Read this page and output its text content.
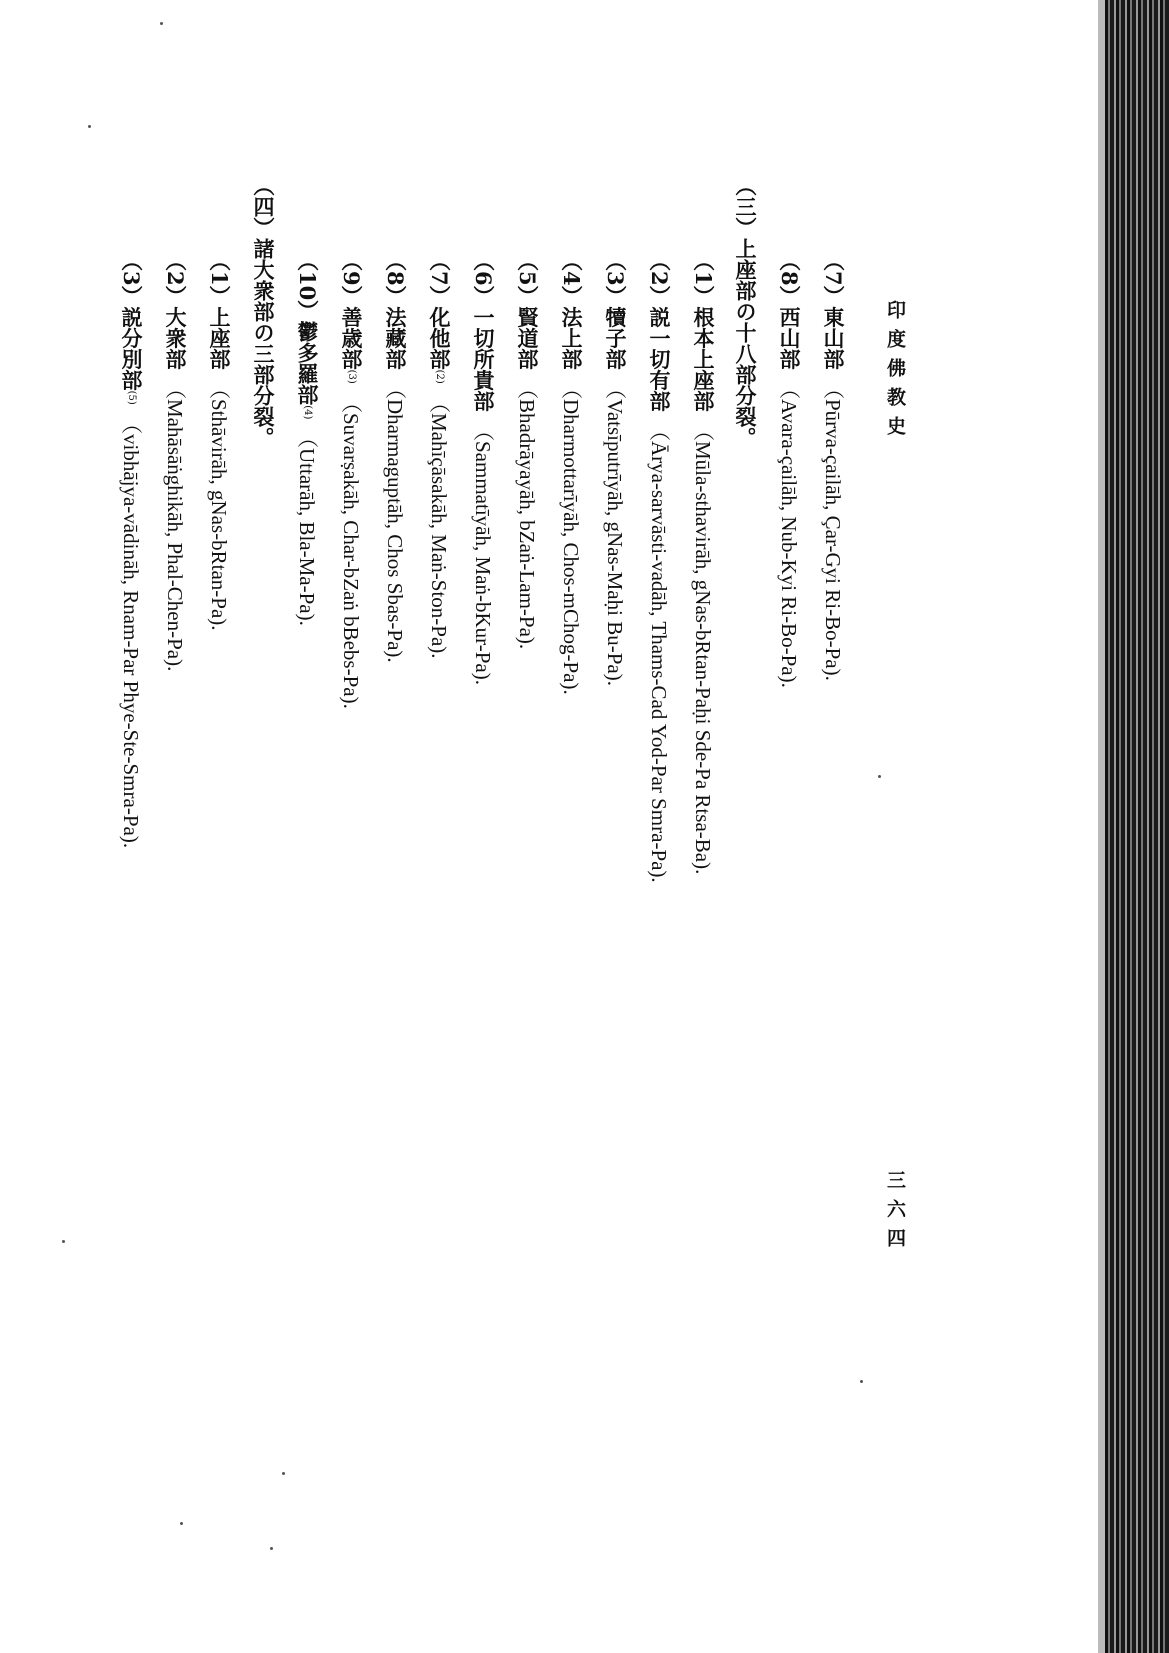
印度佛教史
三六四
（7）東山部（Pūrva-çailāh, Çar-Gyi Ri-Bo-Pa).
（8）西山部（Avara-çailāh, Nub-Kyi Ri-Bo-Pa).
（三）上座部の十八部分裂。
（1）根本上座部（Mūla-sthavirāh, gNas-bRtan-Paḥi Sde-Pa Rtsa-Ba).
（2）説一切有部（Ārya-sarvāsti-vadāh, Thams-Cad Yod-Par Smra-Pa).
（3）犢子部（Vatsīputrīyāh, gNas-Maḥi Bu-Pa).
（4）法上部（Dharmottarīyāh, Chos-mChog-Pa).
（5）賢道部（Bhadrāyayāh, bZaṅ-Lam-Pa).
（6）一切所貴部（Sammatīyāh, Maṅ-bKur-Pa).
（7）化他部(2)（Mahīçāsakāh, Maṅ-Ston-Pa).
（8）法藏部（Dharmaguptāh, Chos Sbas-Pa).
（9）善歳部(3)（Suvarṣakāh, Char-bZaṅ bBebs-Pa).
（10）鬱多羅部(4)（Uttarāh, Bla-Ma-Pa).
（四）諸大衆部の三部分裂。
（1）上座部（Sthāvirāh, gNas-bRtan-Pa).
（2）大衆部（Mahāsāṅghikāh, Phal-Chen-Pa).
（3）説分別部(5)（vibhājya-vādināh, Rnam-Par Phye-Ste-Smra-Pa).
